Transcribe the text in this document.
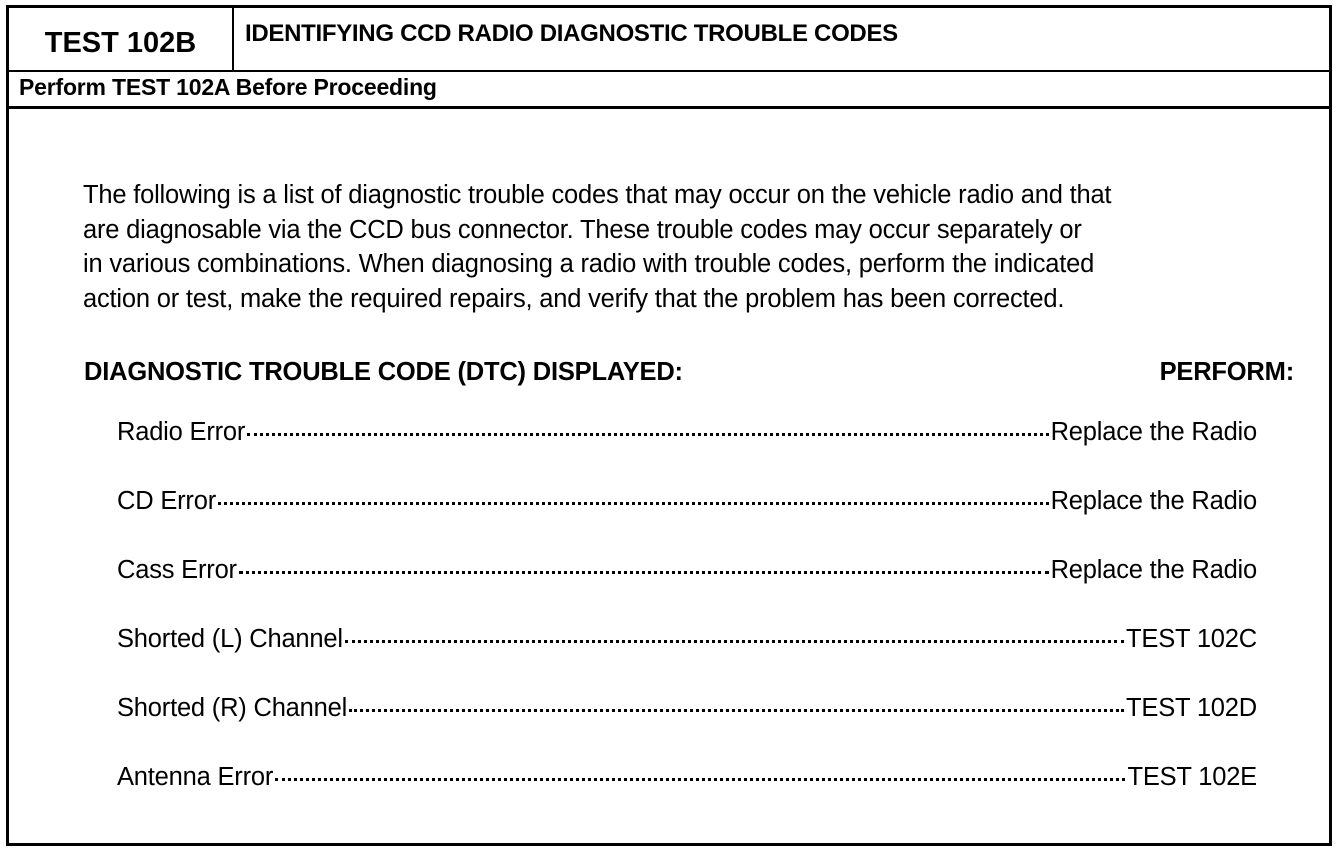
TEST 102B	IDENTIFYING CCD RADIO DIAGNOSTIC TROUBLE CODES
Perform TEST 102A Before Proceeding
The following is a list of diagnostic trouble codes that may occur on the vehicle radio and that
are diagnosable via the CCD bus connector. These trouble codes may occur separately or
in various combinations. When diagnosing a radio with trouble codes, perform the indicated
action or test, make the required repairs, and verify that the problem has been corrected.
DIAGNOSTIC TROUBLE CODE (DTC) DISPLAYED:	PERFORM:
Radio Error	Replace the Radio
CD Error	Replace the Radio
Cass Error	Replace the Radio
Shorted (L) Channel	TEST 102C
Shorted (R) Channel	TEST 102D
Antenna Error	TEST 102E
